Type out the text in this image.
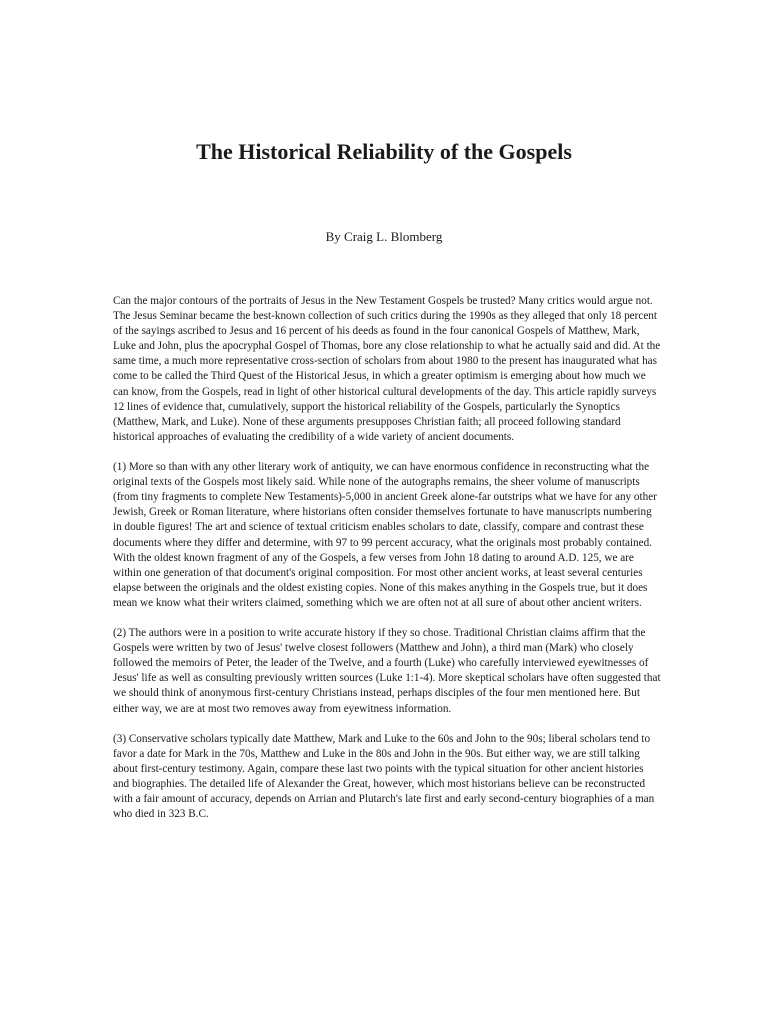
The Historical Reliability of the Gospels

By Craig L. Blomberg

Can the major contours of the portraits of Jesus in the New Testament Gospels be trusted? Many critics would argue not. The Jesus Seminar became the best-known collection of such critics during the 1990s as they alleged that only 18 percent of the sayings ascribed to Jesus and 16 percent of his deeds as found in the four canonical Gospels of Matthew, Mark, Luke and John, plus the apocryphal Gospel of Thomas, bore any close relationship to what he actually said and did. At the same time, a much more representative cross-section of scholars from about 1980 to the present has inaugurated what has come to be called the Third Quest of the Historical Jesus, in which a greater optimism is emerging about how much we can know, from the Gospels, read in light of other historical cultural developments of the day. This article rapidly surveys 12 lines of evidence that, cumulatively, support the historical reliability of the Gospels, particularly the Synoptics (Matthew, Mark, and Luke). None of these arguments presupposes Christian faith; all proceed following standard historical approaches of evaluating the credibility of a wide variety of ancient documents.

(1) More so than with any other literary work of antiquity, we can have enormous confidence in reconstructing what the original texts of the Gospels most likely said. While none of the autographs remains, the sheer volume of manuscripts (from tiny fragments to complete New Testaments)-5,000 in ancient Greek alone-far outstrips what we have for any other Jewish, Greek or Roman literature, where historians often consider themselves fortunate to have manuscripts numbering in double figures! The art and science of textual criticism enables scholars to date, classify, compare and contrast these documents where they differ and determine, with 97 to 99 percent accuracy, what the originals most probably contained. With the oldest known fragment of any of the Gospels, a few verses from John 18 dating to around A.D. 125, we are within one generation of that document's original composition. For most other ancient works, at least several centuries elapse between the originals and the oldest existing copies. None of this makes anything in the Gospels true, but it does mean we know what their writers claimed, something which we are often not at all sure of about other ancient writers.

(2) The authors were in a position to write accurate history if they so chose. Traditional Christian claims affirm that the Gospels were written by two of Jesus' twelve closest followers (Matthew and John), a third man (Mark) who closely followed the memoirs of Peter, the leader of the Twelve, and a fourth (Luke) who carefully interviewed eyewitnesses of Jesus' life as well as consulting previously written sources (Luke 1:1-4). More skeptical scholars have often suggested that we should think of anonymous first-century Christians instead, perhaps disciples of the four men mentioned here. But either way, we are at most two removes away from eyewitness information.

(3) Conservative scholars typically date Matthew, Mark and Luke to the 60s and John to the 90s; liberal scholars tend to favor a date for Mark in the 70s, Matthew and Luke in the 80s and John in the 90s. But either way, we are still talking about first-century testimony. Again, compare these last two points with the typical situation for other ancient histories and biographies. The detailed life of Alexander the Great, however, which most historians believe can be reconstructed with a fair amount of accuracy, depends on Arrian and Plutarch's late first and early second-century biographies of a man who died in 323 B.C.
